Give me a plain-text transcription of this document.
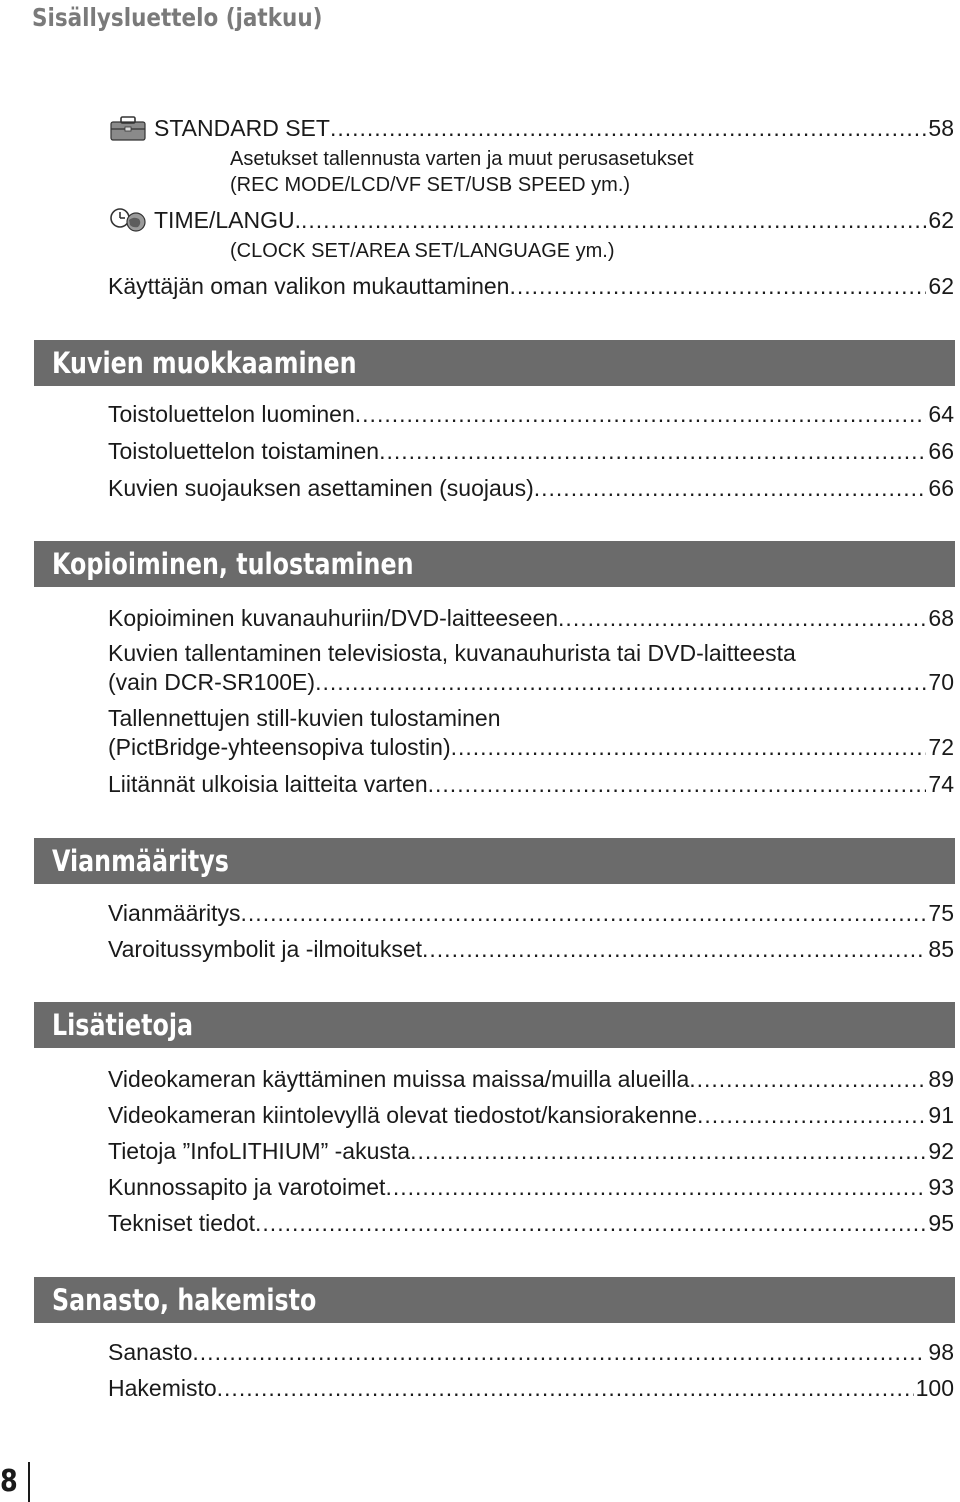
Sisällysluettelo (jatkuu)
STANDARD SET .....	58
Asetukset tallennusta varten ja muut perusasetukset
(REC MODE/LCD/VF SET/USB SPEED ym.)
TIME/LANGU. .....	62
(CLOCK SET/AREA SET/LANGUAGE ym.)
Käyttäjän oman valikon mukauttaminen .....	62
Kuvien muokkaaminen
Toistoluettelon luominen .....	64
Toistoluettelon toistaminen .....	66
Kuvien suojauksen asettaminen (suojaus) .....	66
Kopioiminen, tulostaminen
Kopioiminen kuvanauhuriin/DVD-laitteeseen .....	68
Kuvien tallentaminen televisiosta, kuvanauhurista tai DVD-laitteesta
(vain DCR-SR100E) .....	70
Tallennettujen still-kuvien tulostaminen
(PictBridge-yhteensopiva tulostin) .....	72
Liitännät ulkoisia laitteita varten .....	74
Vianmääritys
Vianmääritys .....	75
Varoitussymbolit ja -ilmoitukset .....	85
Lisätietoja
Videokameran käyttäminen muissa maissa/muilla alueilla .....	89
Videokameran kiintolevyllä olevat tiedostot/kansiorakenne .....	91
Tietoja ”InfoLITHIUM” -akusta .....	92
Kunnossapito ja varotoimet .....	93
Tekniset tiedot .....	95
Sanasto, hakemisto
Sanasto .....	98
Hakemisto .....	100
8
